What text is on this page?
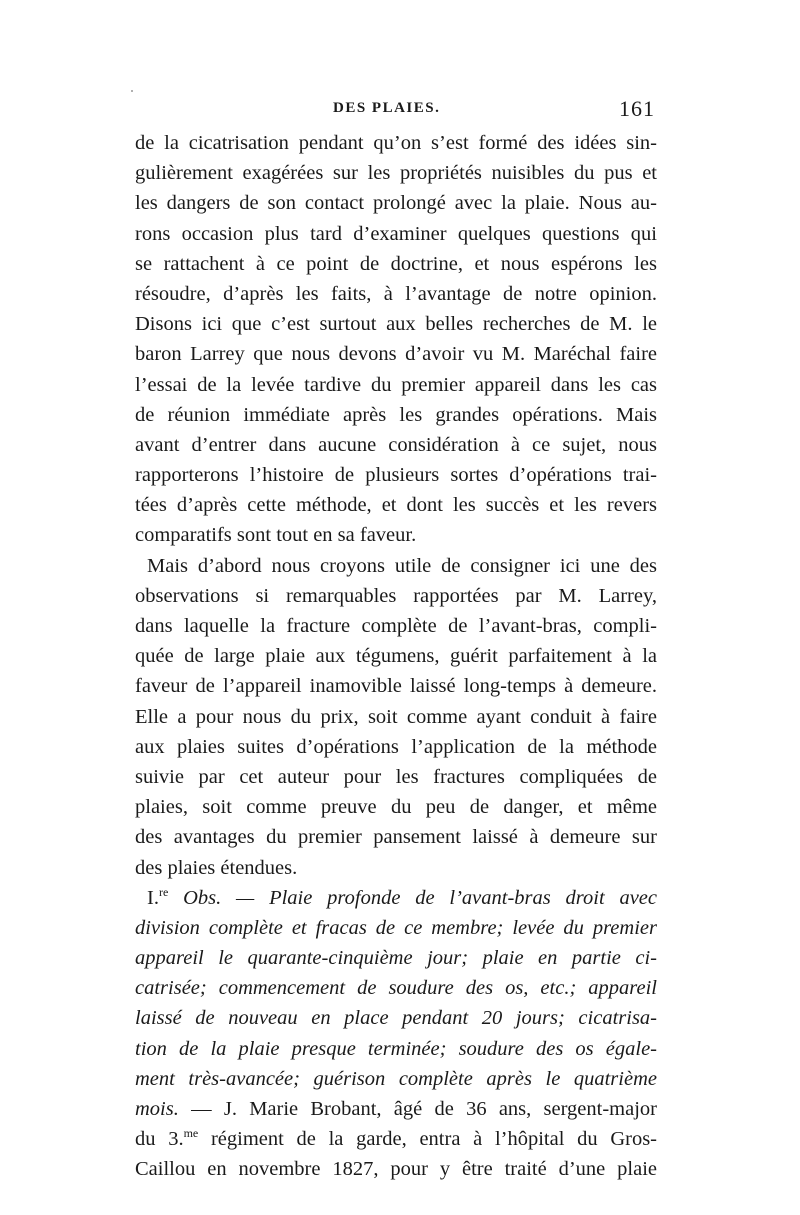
DES PLAIES.	161
de la cicatrisation pendant qu’on s’est formé des idées sin-
gulièrement exagérées sur les propriétés nuisibles du pus et
les dangers de son contact prolongé avec la plaie. Nous au-
rons occasion plus tard d’examiner quelques questions qui
se rattachent à ce point de doctrine, et nous espérons les
résoudre, d’après les faits, à l’avantage de notre opinion.
Disons ici que c’est surtout aux belles recherches de M. le
baron Larrey que nous devons d’avoir vu M. Maréchal faire
l’essai de la levée tardive du premier appareil dans les cas
de réunion immédiate après les grandes opérations. Mais
avant d’entrer dans aucune considération à ce sujet, nous
rapporterons l’histoire de plusieurs sortes d’opérations trai-
tées d’après cette méthode, et dont les succès et les revers
comparatifs sont tout en sa faveur.
Mais d’abord nous croyons utile de consigner ici une des
observations si remarquables rapportées par M. Larrey,
dans laquelle la fracture complète de l’avant-bras, compli-
quée de large plaie aux tégumens, guérit parfaitement à la
faveur de l’appareil inamovible laissé long-temps à demeure.
Elle a pour nous du prix, soit comme ayant conduit à faire
aux plaies suites d’opérations l’application de la méthode
suivie par cet auteur pour les fractures compliquées de
plaies, soit comme preuve du peu de danger, et même
des avantages du premier pansement laissé à demeure sur
des plaies étendues.
I.$^{re}$ Obs. — Plaie profonde de l’avant-bras droit avec
division complète et fracas de ce membre; levée du premier
appareil le quarante-cinquième jour; plaie en partie ci-
catrisée; commencement de soudure des os, etc.; appareil
laissé de nouveau en place pendant 20 jours; cicatrisa-
tion de la plaie presque terminée; soudure des os égale-
ment très-avancée; guérison complète après le quatrième
mois. — J. Marie Brobant, âgé de 36 ans, sergent-major
du 3.$^{me}$ régiment de la garde, entra à l’hôpital du Gros-
Caillou en novembre 1827, pour y être traité d’une plaie
